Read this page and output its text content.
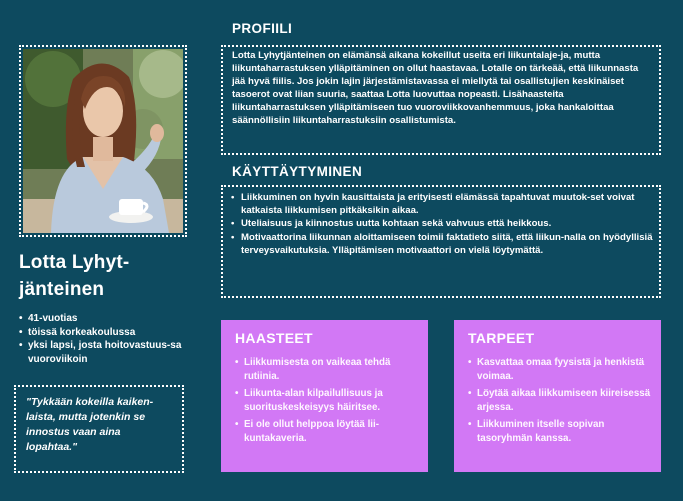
Lotta Lyhyt-jänteinen
• 41-vuotias
• töissä korkeakoulussa
• yksi lapsi, josta hoitovastuus-sa vuoroviikoin

"Tykkään kokeilla kaiken-laista, mutta jotenkin se innostus vaan aina lopahtaa."

PROFIILI

Lotta Lyhytjänteinen on elämänsä aikana kokeillut useita eri liikuntalaje-ja, mutta liikuntaharrastuksen ylläpitäminen on ollut haastavaa. Lotalle on tärkeää, että liikunnasta jää hyvä fiilis. Jos jokin lajin järjestämistavassa ei miellytä tai osallistujien keskinäiset tasoerot ovat liian suuria, saattaa Lotta luovuttaa nopeasti. Lisähaasteita liikuntaharrastuksen ylläpitämiseen tuo vuoroviikkovanhemmuus, joka hankaloittaa säännöllisiin liikuntaharrastuksiin osallistumista.

KÄYTTÄYTYMINEN
• Liikkuminen on hyvin kausittaista ja erityisesti elämässä tapahtuvat muutok-set voivat katkaista liikkumisen pitkäksikin aikaa.
• Uteliaisuus ja kiinnostus uutta kohtaan sekä vahvuus että heikkous.
• Motivaattorina liikunnan aloittamiseen toimii faktatieto siitä, että liikun-nalla on hyödyllisiä terveysvaikutuksia. Ylläpitämisen motivaattori on vielä löytymättä.
HAASTEET
• Liikkumisesta on vaikeaa tehdä rutiinia.
• Liikunta-alan kilpailullisuus ja suorituskeskeisyys häiritsee.
• Ei ole ollut helppoa löytää lii-kuntakaveria.
TARPEET
• Kasvattaa omaa fyysistä ja henkistä voimaa.
• Löytää aikaa liikkumiseen kiireisessä arjessa.
• Liikkuminen itselle sopivan tasoryhmän kanssa.
